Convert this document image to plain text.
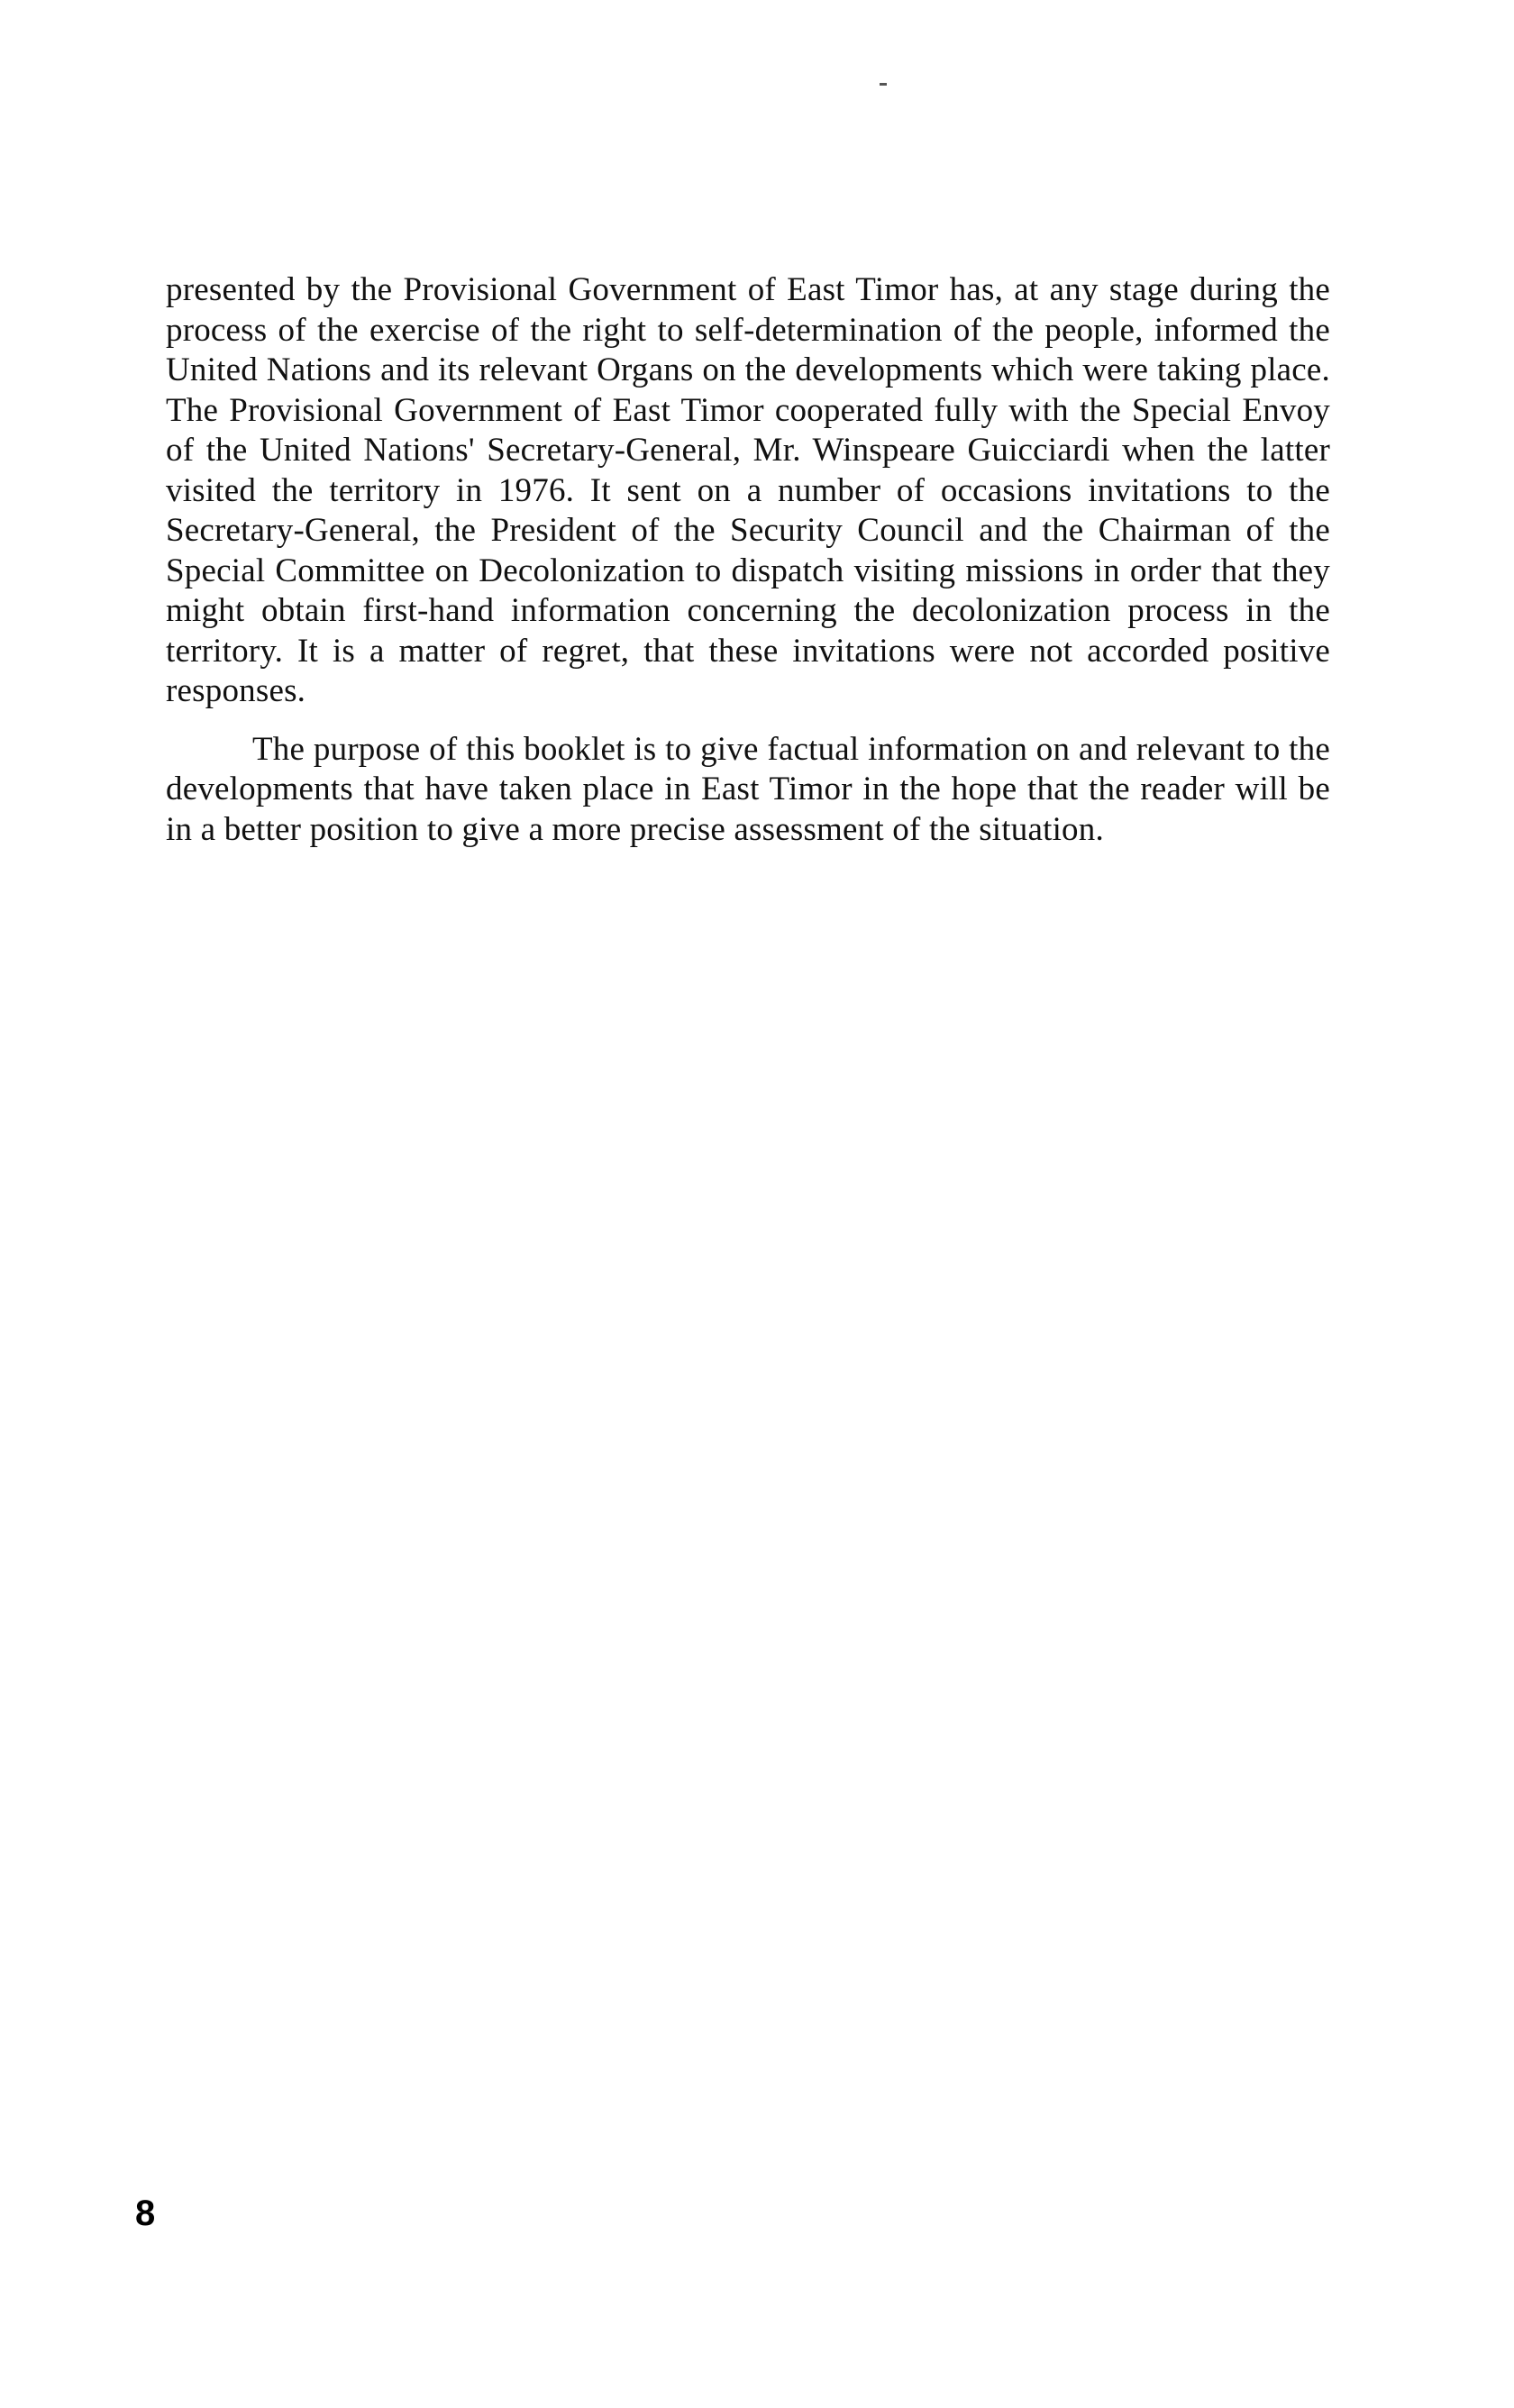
presented by the Provisional Government of East Timor has, at any stage during the process of the exercise of the right to self-determination of the people, informed the United Nations and its relevant Organs on the developments which were taking place. The Provisional Government of East Timor cooperated fully with the Special Envoy of the United Nations' Secretary-General, Mr. Winspeare Guicciardi when the latter visited the territory in 1976. It sent on a number of occasions invitations to the Secretary-General, the President of the Security Council and the Chairman of the Special Committee on Decolonization to dispatch visiting missions in order that they might obtain first-hand information concerning the decolonization process in the territory. It is a matter of regret, that these invitations were not accorded positive responses.

The purpose of this booklet is to give factual information on and relevant to the developments that have taken place in East Timor in the hope that the reader will be in a better position to give a more precise assessment of the situation.

8
